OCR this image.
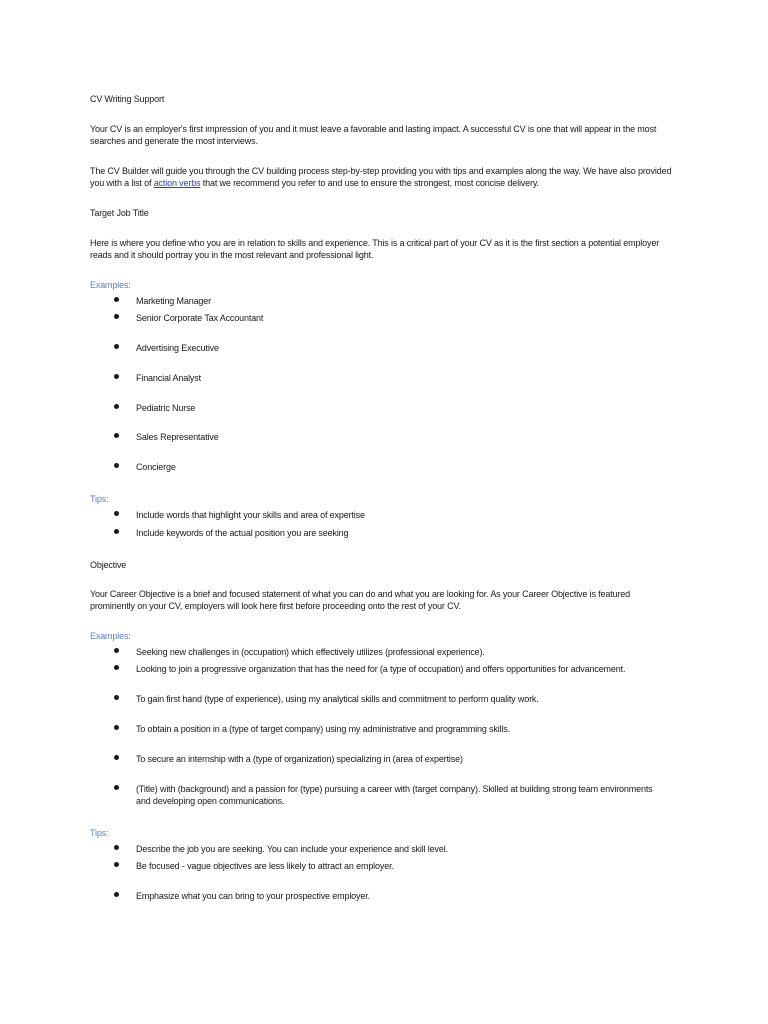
CV Writing Support

Your CV is an employer's first impression of you and it must leave a favorable and lasting impact. A successful CV is one that will appear in the most searches and generate the most interviews.

The CV Builder will guide you through the CV building process step-by-step providing you with tips and examples along the way. We have also provided you with a list of action verbs that we recommend you refer to and use to ensure the strongest, most concise delivery.

Target Job Title

Here is where you define who you are in relation to skills and experience. This is a critical part of your CV as it is the first section a potential employer reads and it should portray you in the most relevant and professional light.

Examples:

Marketing Manager

Senior Corporate Tax Accountant

Advertising Executive

Financial Analyst

Pediatric Nurse

Sales Representative

Concierge

Tips:

Include words that highlight your skills and area of expertise

Include keywords of the actual position you are seeking

Objective

Your Career Objective is a brief and focused statement of what you can do and what you are looking for. As your Career Objective is featured prominently on your CV, employers will look here first before proceeding onto the rest of your CV.

Examples:

Seeking new challenges in (occupation) which effectively utilizes (professional experience).

Looking to join a progressive organization that has the need for (a type of occupation) and offers opportunities for advancement.

To gain first hand (type of experience), using my analytical skills and commitment to perform quality work.

To obtain a position in a (type of target company) using my administrative and programming skills.

To secure an internship with a (type of organization) specializing in (area of expertise)

(Title) with (background) and a passion for (type) pursuing a career with (target company). Skilled at building strong team environments and developing open communications.

Tips:

Describe the job you are seeking. You can include your experience and skill level.

Be focused - vague objectives are less likely to attract an employer.

Emphasize what you can bring to your prospective employer.
